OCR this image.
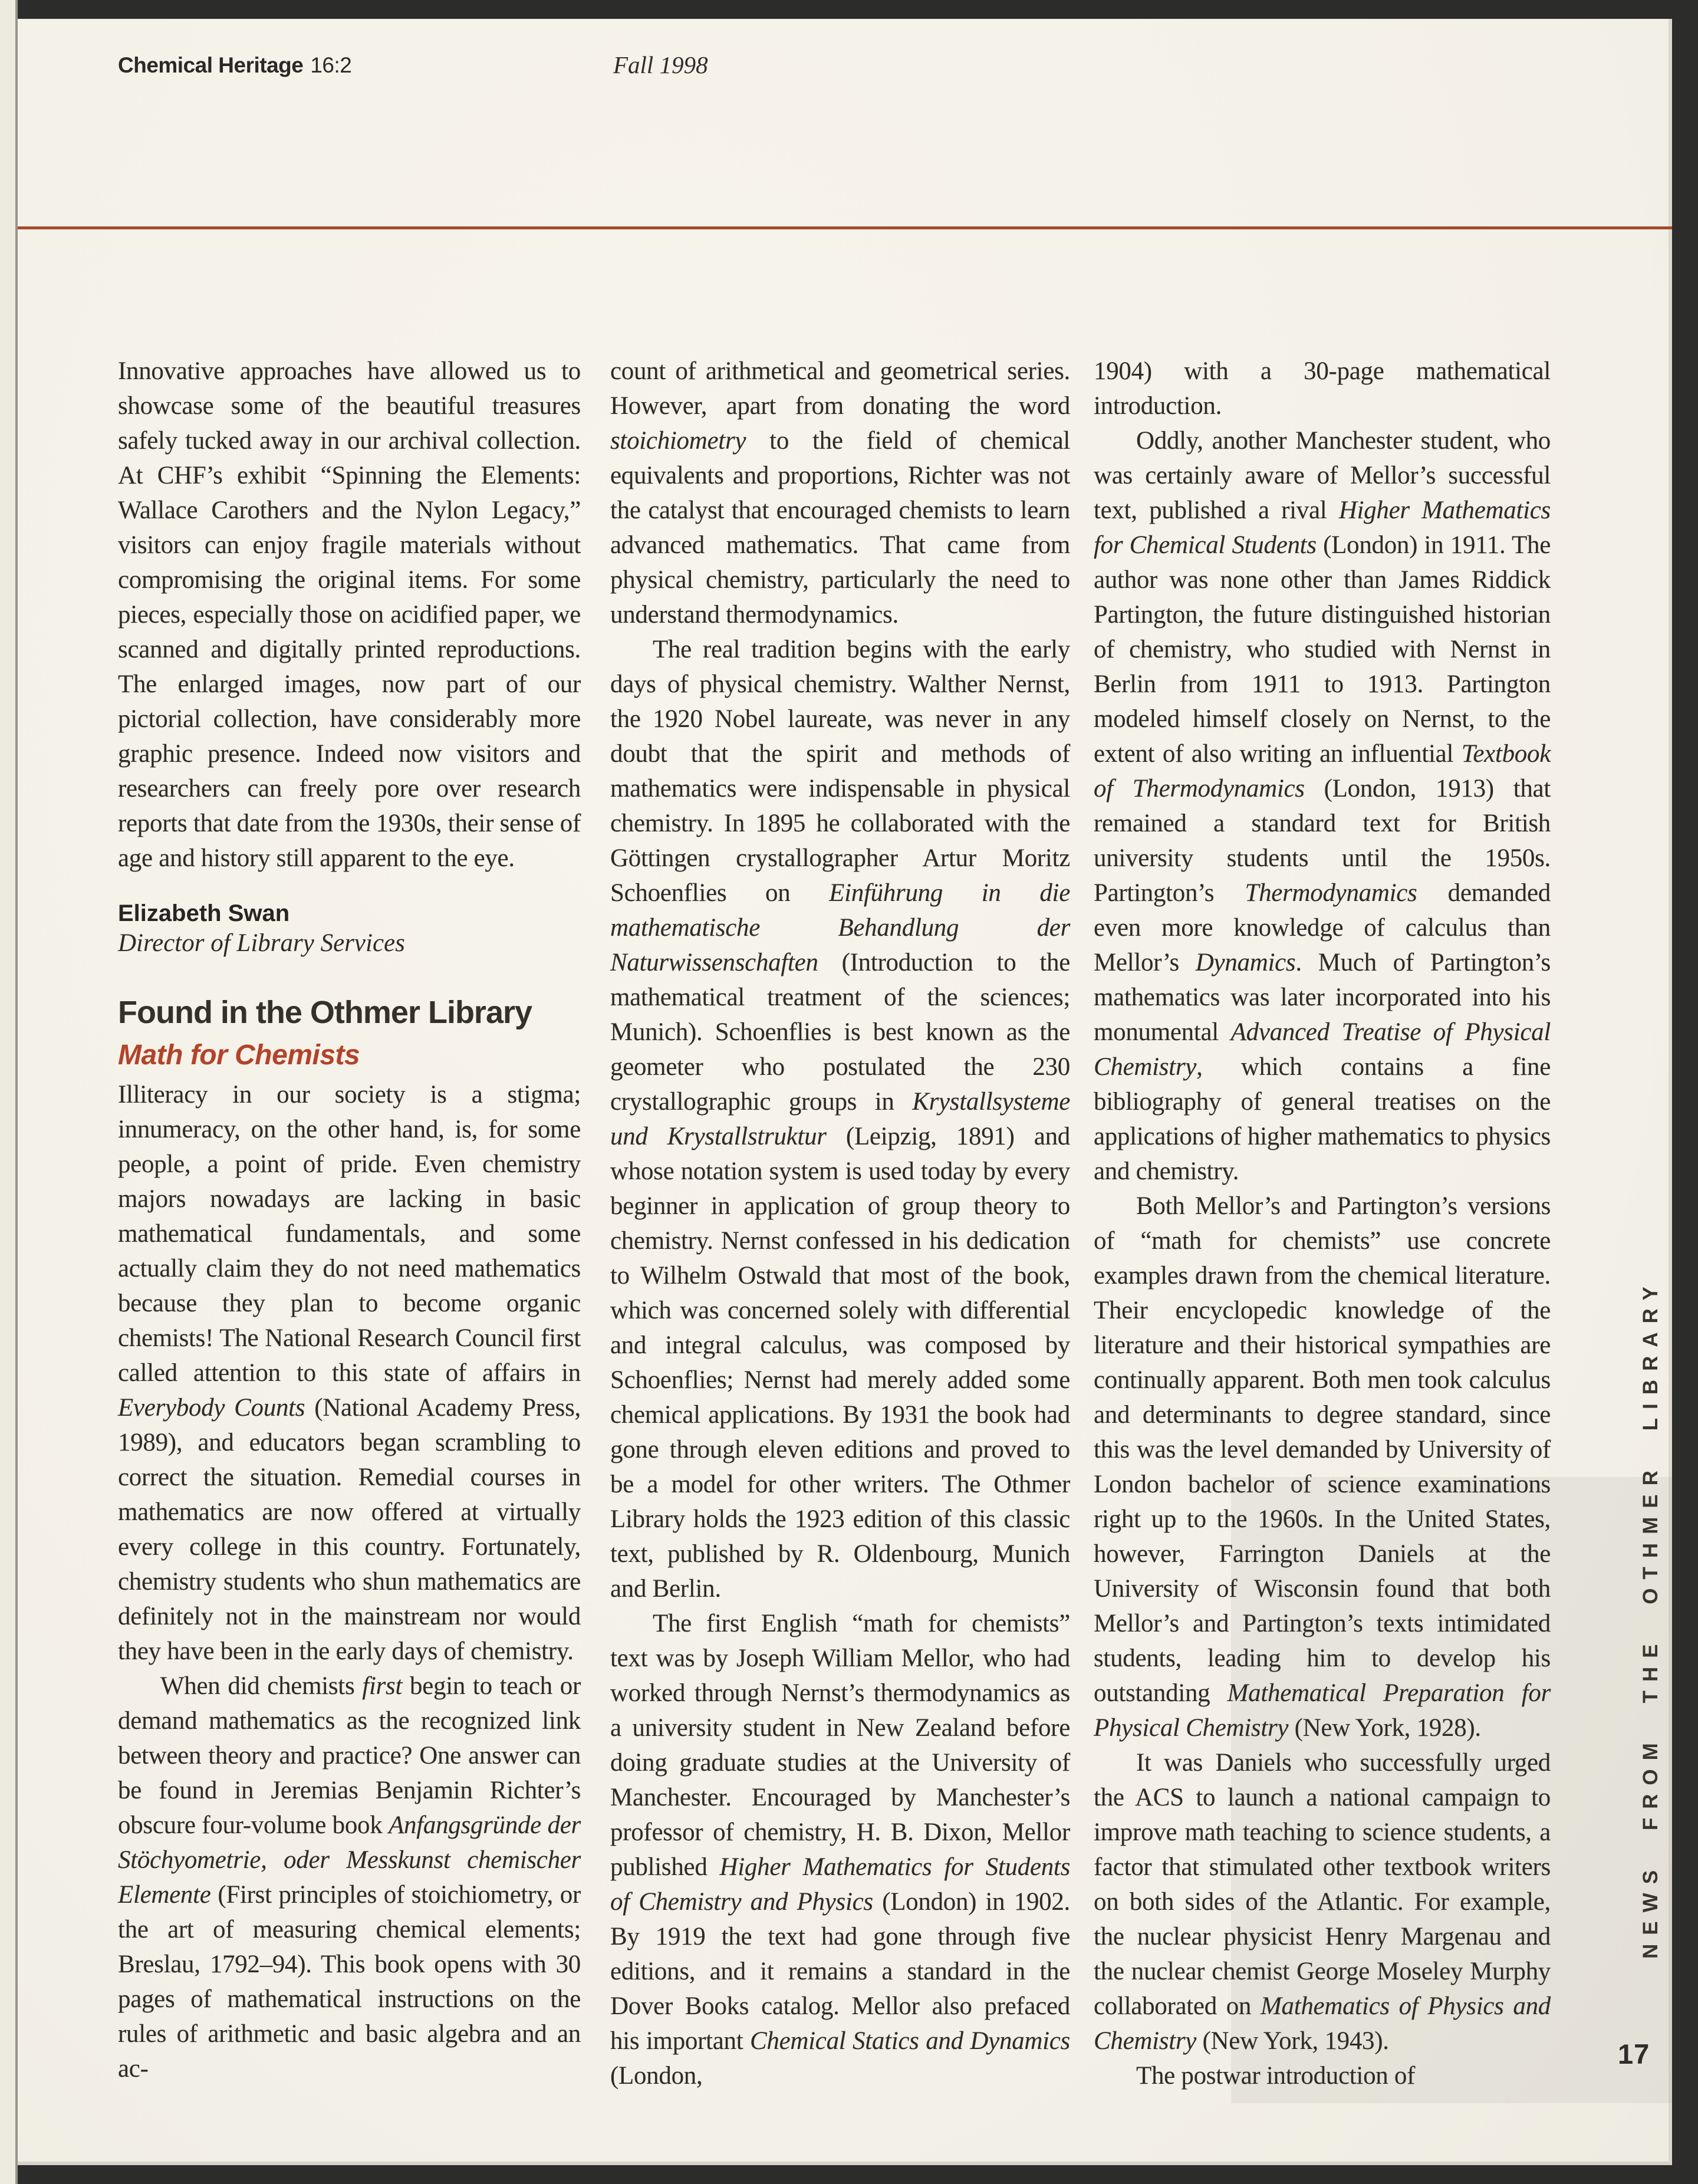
Chemical Heritage 16:2	Fall 1998

Innovative approaches have allowed us to showcase some of the beautiful treasures safely tucked away in our archival collection. At CHF’s exhibit “Spinning the Elements: Wallace Carothers and the Nylon Legacy,” visitors can enjoy fragile materials without compromising the original items. For some pieces, especially those on acidified paper, we scanned and digitally printed reproductions. The enlarged images, now part of our pictorial collection, have considerably more graphic presence. Indeed now visitors and researchers can freely pore over research reports that date from the 1930s, their sense of age and history still apparent to the eye.

Elizabeth Swan
Director of Library Services
Found in the Othmer Library
Math for Chemists

Illiteracy in our society is a stigma; innumeracy, on the other hand, is, for some people, a point of pride. Even chemistry majors nowadays are lacking in basic mathematical fundamentals, and some actually claim they do not need mathematics because they plan to become organic chemists! The National Research Council first called attention to this state of affairs in Everybody Counts (National Academy Press, 1989), and educators began scrambling to correct the situation. Remedial courses in mathematics are now offered at virtually every college in this country. Fortunately, chemistry students who shun mathematics are definitely not in the mainstream nor would they have been in the early days of chemistry.

When did chemists first begin to teach or demand mathematics as the recognized link between theory and practice? One answer can be found in Jeremias Benjamin Richter’s obscure four-volume book Anfangsgründe der Stöchyometrie, oder Messkunst chemischer Elemente (First principles of stoichiometry, or the art of measuring chemical elements; Breslau, 1792–94). This book opens with 30 pages of mathematical instructions on the rules of arithmetic and basic algebra and an ac-

count of arithmetical and geometrical series. However, apart from donating the word stoichiometry to the field of chemical equivalents and proportions, Richter was not the catalyst that encouraged chemists to learn advanced mathematics. That came from physical chemistry, particularly the need to understand thermodynamics.

The real tradition begins with the early days of physical chemistry. Walther Nernst, the 1920 Nobel laureate, was never in any doubt that the spirit and methods of mathematics were indispensable in physical chemistry. In 1895 he collaborated with the Göttingen crystallographer Artur Moritz Schoenflies on Einführung in die mathematische Behandlung der Naturwissenschaften (Introduction to the mathematical treatment of the sciences; Munich). Schoenflies is best known as the geometer who postulated the 230 crystallographic groups in Krystallsysteme und Krystallstruktur (Leipzig, 1891) and whose notation system is used today by every beginner in application of group theory to chemistry. Nernst confessed in his dedication to Wilhelm Ostwald that most of the book, which was concerned solely with differential and integral calculus, was composed by Schoenflies; Nernst had merely added some chemical applications. By 1931 the book had gone through eleven editions and proved to be a model for other writers. The Othmer Library holds the 1923 edition of this classic text, published by R. Oldenbourg, Munich and Berlin.

The first English “math for chemists” text was by Joseph William Mellor, who had worked through Nernst’s thermodynamics as a university student in New Zealand before doing graduate studies at the University of Manchester. Encouraged by Manchester’s professor of chemistry, H. B. Dixon, Mellor published Higher Mathematics for Students of Chemistry and Physics (London) in 1902. By 1919 the text had gone through five editions, and it remains a standard in the Dover Books catalog. Mellor also prefaced his important Chemical Statics and Dynamics (London,

1904) with a 30-page mathematical introduction.

Oddly, another Manchester student, who was certainly aware of Mellor’s successful text, published a rival Higher Mathematics for Chemical Students (London) in 1911. The author was none other than James Riddick Partington, the future distinguished historian of chemistry, who studied with Nernst in Berlin from 1911 to 1913. Partington modeled himself closely on Nernst, to the extent of also writing an influential Textbook of Thermodynamics (London, 1913) that remained a standard text for British university students until the 1950s. Partington’s Thermodynamics demanded even more knowledge of calculus than Mellor’s Dynamics. Much of Partington’s mathematics was later incorporated into his monumental Advanced Treatise of Physical Chemistry, which contains a fine bibliography of general treatises on the applications of higher mathematics to physics and chemistry.

Both Mellor’s and Partington’s versions of “math for chemists” use concrete examples drawn from the chemical literature. Their encyclopedic knowledge of the literature and their historical sympathies are continually apparent. Both men took calculus and determinants to degree standard, since this was the level demanded by University of London bachelor of science examinations right up to the 1960s. In the United States, however, Farrington Daniels at the University of Wisconsin found that both Mellor’s and Partington’s texts intimidated students, leading him to develop his outstanding Mathematical Preparation for Physical Chemistry (New York, 1928).

It was Daniels who successfully urged the ACS to launch a national campaign to improve math teaching to science students, a factor that stimulated other textbook writers on both sides of the Atlantic. For example, the nuclear physicist Henry Margenau and the nuclear chemist George Moseley Murphy collaborated on Mathematics of Physics and Chemistry (New York, 1943).

The postwar introduction of

NEWS FROM THE OTHMER LIBRARY
17
